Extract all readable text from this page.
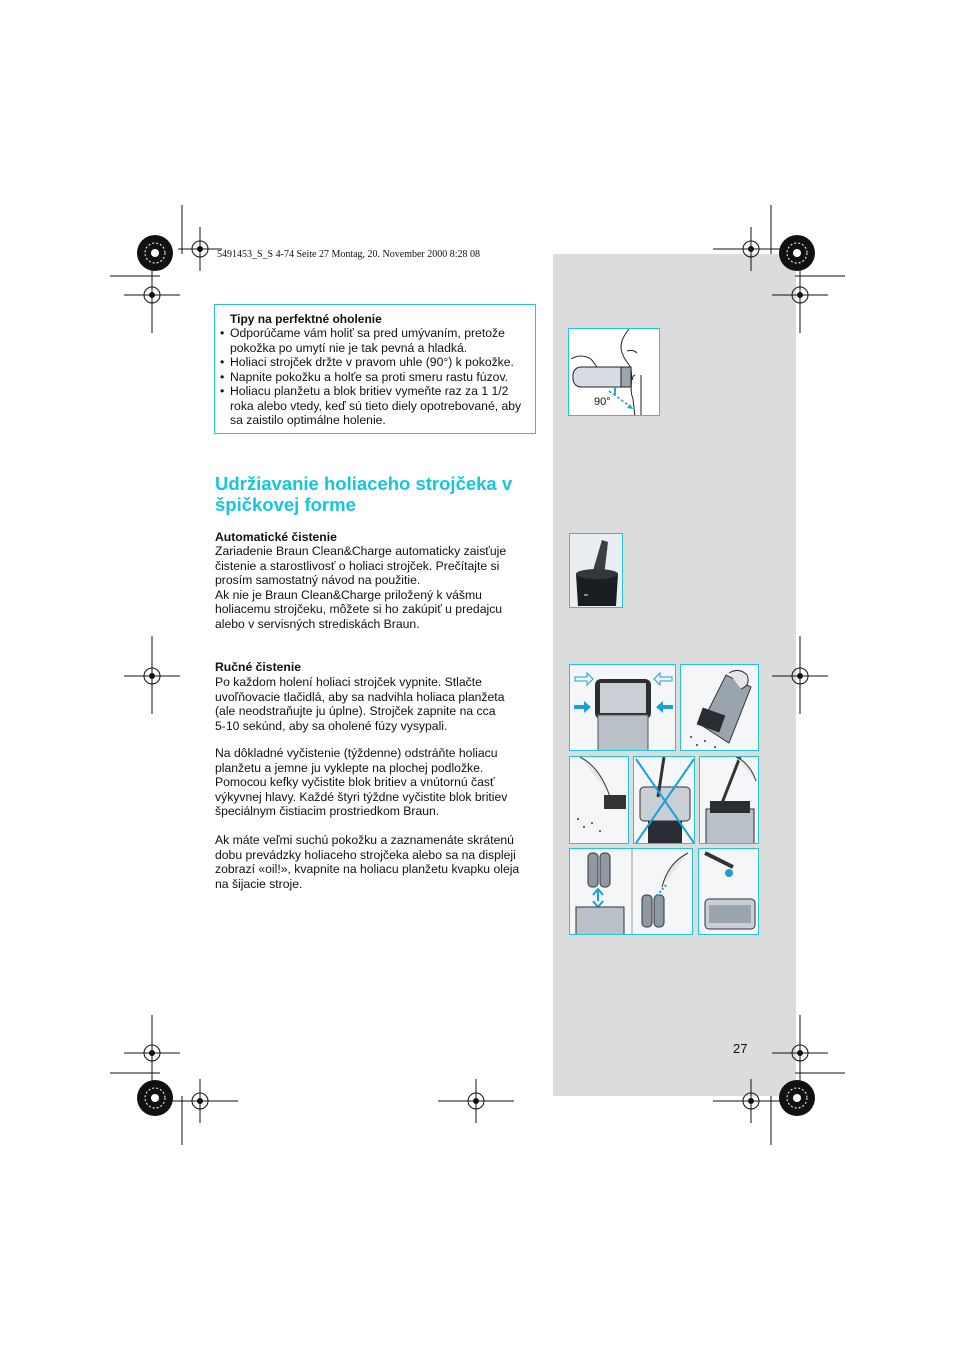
5491453_S_S 4-74 Seite 27 Montag, 20. November 2000 8:28 08
Tipy na perfektné oholenie
• Odporúčame vám holiť sa pred umývaním, pretože pokožka po umytí nie je tak pevná a hladká.
• Holiaci strojček držte v pravom uhle (90°) k pokožke.
• Napnite pokožku a holťe sa proti smeru rastu fúzov.
• Holiacu planžetu a blok britiev vymeňte raz za 1 1/2 roka alebo vtedy, keď sú tieto diely opotrebované, aby sa zaistilo optimálne holenie.
Udržiavanie holiaceho strojčeka v špičkovej forme
Automatické čistenie

Zariadenie Braun Clean&Charge automaticky zaisťuje
čistenie a starostlivosť o holiaci strojček. Prečítajte si
prosím samostatný návod na použitie.
Ak nie je Braun Clean&Charge priložený k vášmu
holiacemu strojčeku, môžete si ho zakúpiť u predajcu
alebo v servisných strediskách Braun.

Ručné čistenie

Po každom holení holiaci strojček vypnite. Stlačte
uvoľňovacie tlačidlá, aby sa nadvihla holiaca planžeta
(ale neodstraňujte ju úplne). Strojček zapnite na cca
5-10 sekúnd, aby sa oholené fúzy vysypali.

Na dôkladné vyčistenie (týždenne) odstráňte holiacu
planžetu a jemne ju vyklepte na plochej podložke.
Pomocou kefky vyčistite blok britiev a vnútornú časť
výkyvnej hlavy. Každé štyri týždne vyčistite blok britiev
špeciálnym čistiacim prostriedkom Braun.

Ak máte veľmi suchú pokožku a zaznamenáte skrátenú
dobu prevádzky holiaceho strojčeka alebo sa na displeji
zobrazí «oil!», kvapnite na holiacu planžetu kvapku oleja
na šijacie stroje.

90°
27
